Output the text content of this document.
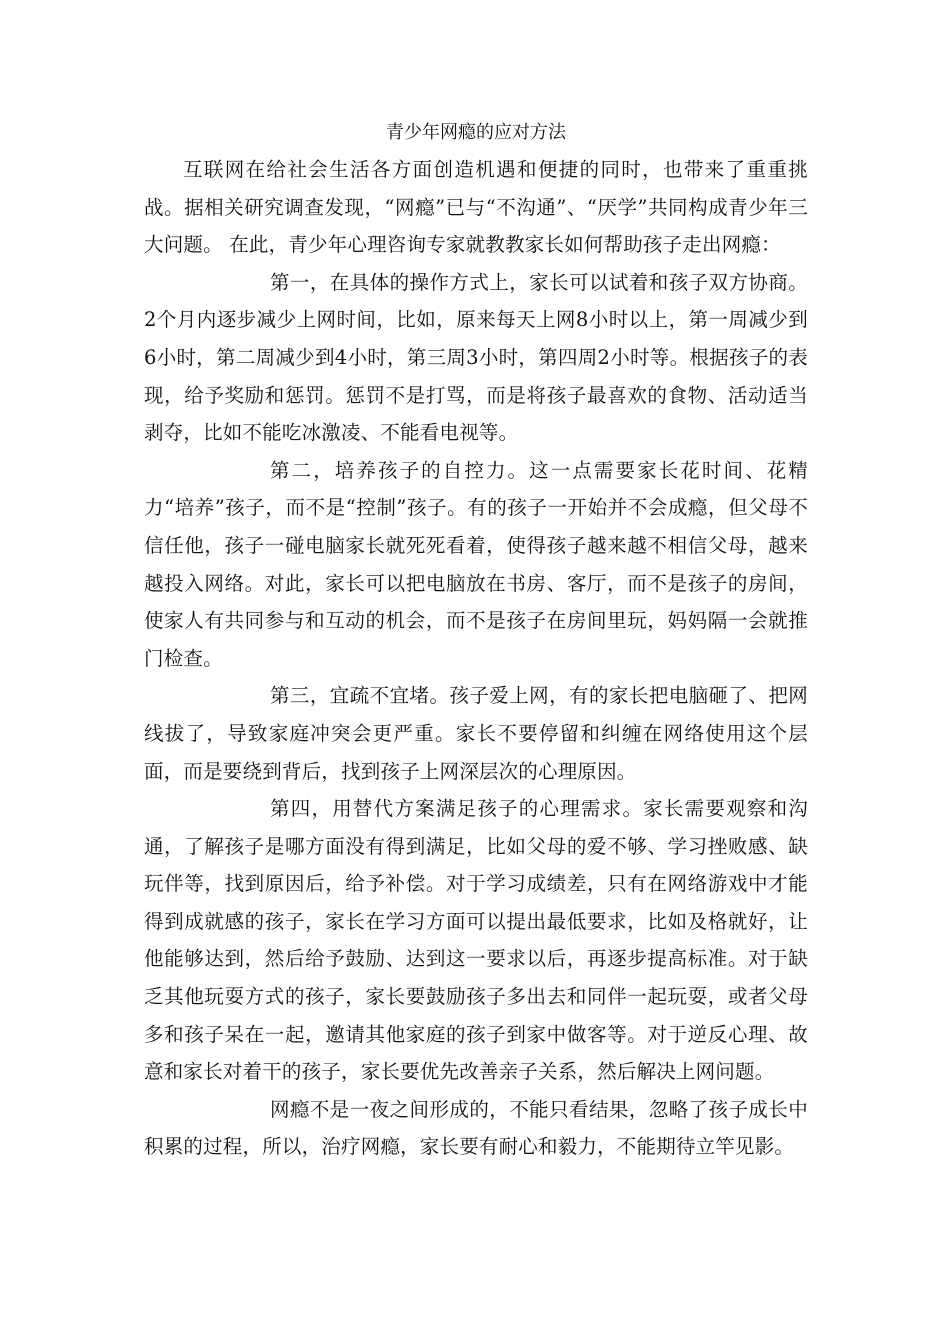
青少年网瘾的应对方法

互联网在给社会生活各方面创造机遇和便捷的同时，也带来了重重挑战。据相关研究调查发现，“网瘾”已与“不沟通”、“厌学”共同构成青少年三大问题。 在此，青少年心理咨询专家就教教家长如何帮助孩子走出网瘾：

第一，在具体的操作方式上，家长可以试着和孩子双方协商。2个月内逐步减少上网时间，比如，原来每天上网8小时以上，第一周减少到6小时，第二周减少到4小时，第三周3小时，第四周2小时等。根据孩子的表现，给予奖励和惩罚。惩罚不是打骂，而是将孩子最喜欢的食物、活动适当剥夺，比如不能吃冰激凌、不能看电视等。

第二，培养孩子的自控力。这一点需要家长花时间、花精力“培养”孩子，而不是“控制”孩子。有的孩子一开始并不会成瘾，但父母不信任他，孩子一碰电脑家长就死死看着，使得孩子越来越不相信父母，越来越投入网络。对此，家长可以把电脑放在书房、客厅，而不是孩子的房间，使家人有共同参与和互动的机会，而不是孩子在房间里玩，妈妈隔一会就推门检查。

第三，宜疏不宜堵。孩子爱上网，有的家长把电脑砸了、把网线拔了，导致家庭冲突会更严重。家长不要停留和纠缠在网络使用这个层面，而是要绕到背后，找到孩子上网深层次的心理原因。

第四，用替代方案满足孩子的心理需求。家长需要观察和沟通，了解孩子是哪方面没有得到满足，比如父母的爱不够、学习挫败感、缺玩伴等，找到原因后，给予补偿。对于学习成绩差，只有在网络游戏中才能得到成就感的孩子，家长在学习方面可以提出最低要求，比如及格就好，让他能够达到，然后给予鼓励、达到这一要求以后，再逐步提高标准。对于缺乏其他玩耍方式的孩子，家长要鼓励孩子多出去和同伴一起玩耍，或者父母多和孩子呆在一起，邀请其他家庭的孩子到家中做客等。对于逆反心理、故意和家长对着干的孩子，家长要优先改善亲子关系，然后解决上网问题。

网瘾不是一夜之间形成的，不能只看结果，忽略了孩子成长中积累的过程，所以，治疗网瘾，家长要有耐心和毅力，不能期待立竿见影。
